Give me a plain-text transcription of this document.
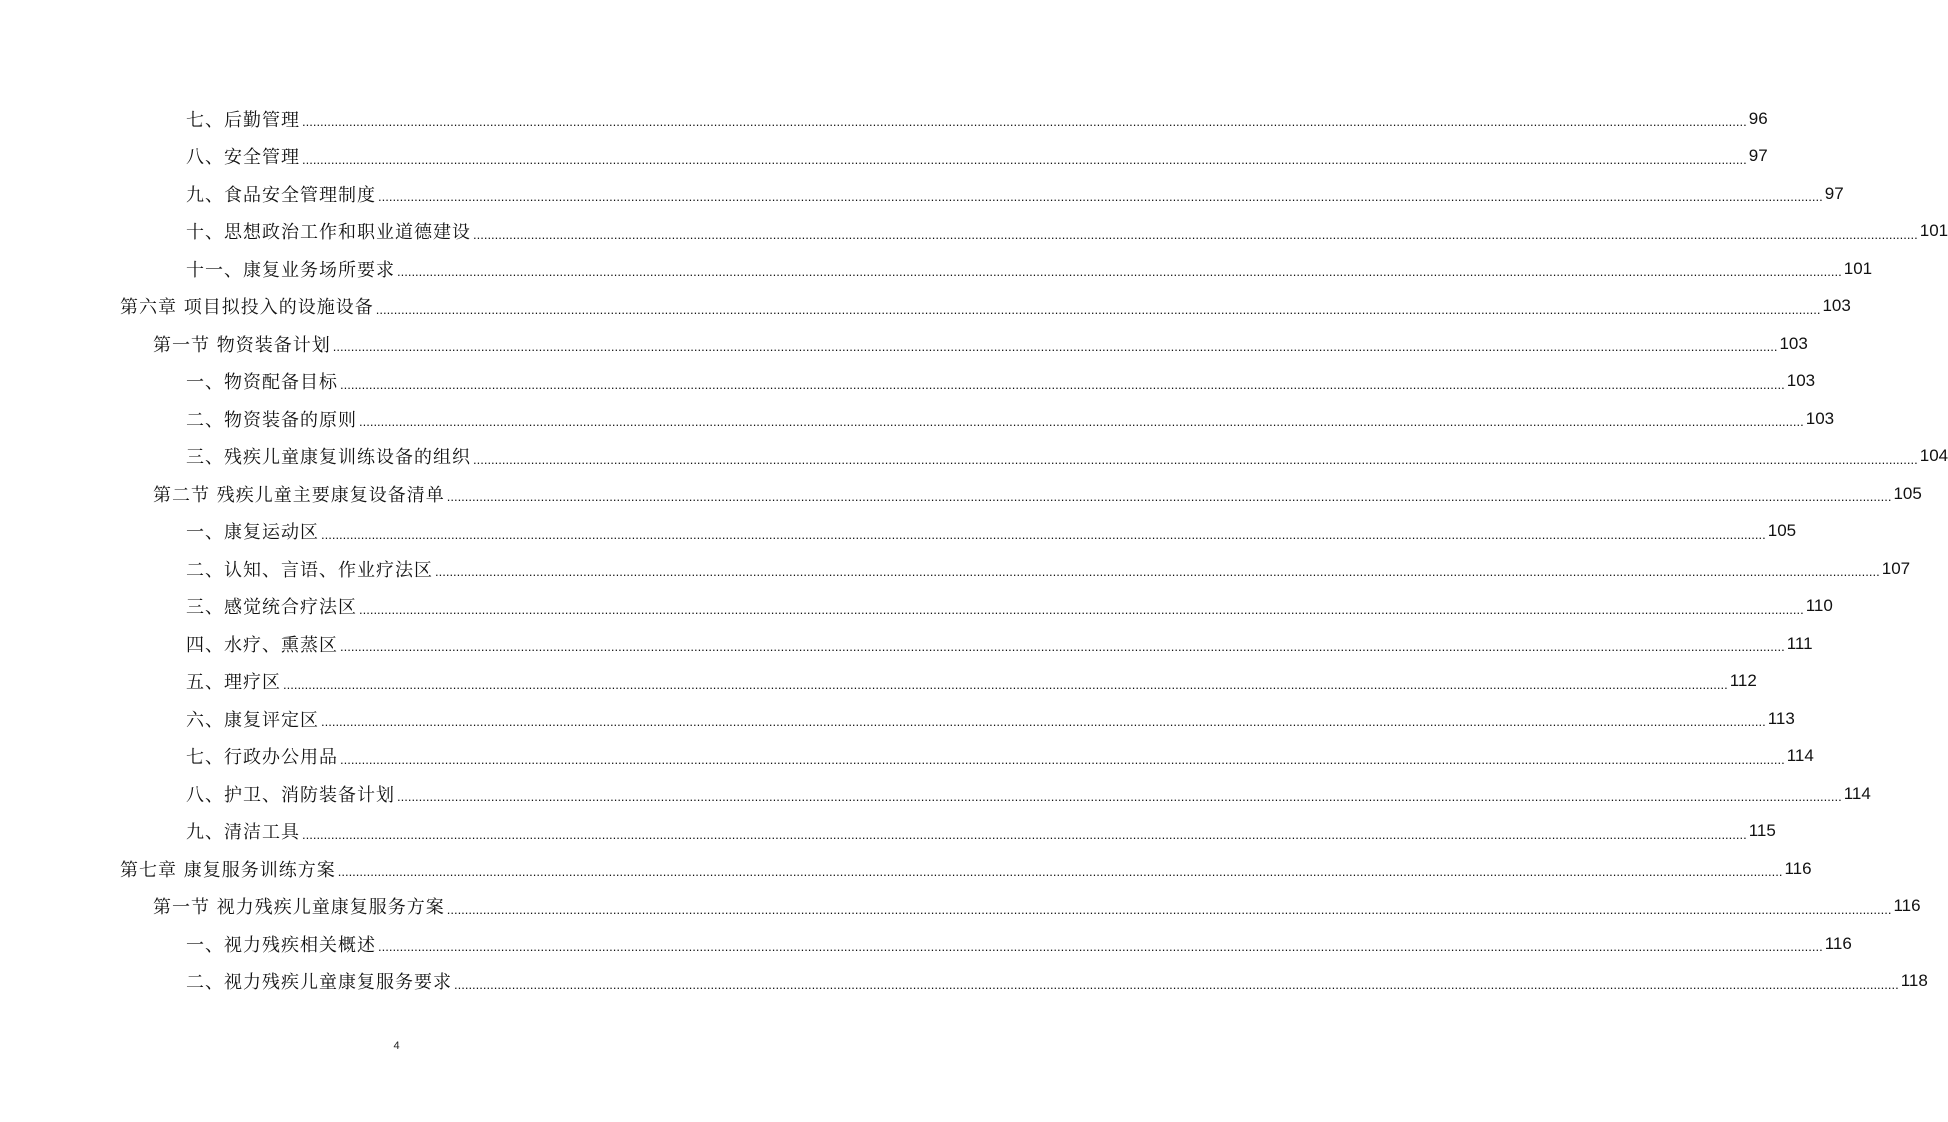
七、后勤管理 ................................................................................................................................................................................................................................................................................................................................................................................................................ 96
八、安全管理 ................................................................................................................................................................................................................................................................................................................................................................................................................ 97
九、食品安全管理制度 ................................................................................................................................................................................................................................................................................................................................................................................................................ 97
十、思想政治工作和职业道德建设 ................................................................................................................................................................................................................................................................................................................................................................................................................ 101
十一、康复业务场所要求 ................................................................................................................................................................................................................................................................................................................................................................................................................ 101
第六章 项目拟投入的设施设备 ................................................................................................................................................................................................................................................................................................................................................................................................................ 103
第一节 物资装备计划 ................................................................................................................................................................................................................................................................................................................................................................................................................ 103
一、物资配备目标 ................................................................................................................................................................................................................................................................................................................................................................................................................ 103
二、物资装备的原则 ................................................................................................................................................................................................................................................................................................................................................................................................................ 103
三、残疾儿童康复训练设备的组织 ................................................................................................................................................................................................................................................................................................................................................................................................................ 104
第二节 残疾儿童主要康复设备清单 ................................................................................................................................................................................................................................................................................................................................................................................................................ 105
一、康复运动区 ................................................................................................................................................................................................................................................................................................................................................................................................................ 105
二、认知、言语、作业疗法区 ................................................................................................................................................................................................................................................................................................................................................................................................................ 107
三、感觉统合疗法区 ................................................................................................................................................................................................................................................................................................................................................................................................................ 110
四、水疗、熏蒸区 ................................................................................................................................................................................................................................................................................................................................................................................................................ 111
五、理疗区 ................................................................................................................................................................................................................................................................................................................................................................................................................ 112
六、康复评定区 ................................................................................................................................................................................................................................................................................................................................................................................................................ 113
七、行政办公用品 ................................................................................................................................................................................................................................................................................................................................................................................................................ 114
八、护卫、消防装备计划 ................................................................................................................................................................................................................................................................................................................................................................................................................ 114
九、清洁工具 ................................................................................................................................................................................................................................................................................................................................................................................................................ 115
第七章 康复服务训练方案 ................................................................................................................................................................................................................................................................................................................................................................................................................ 116
第一节 视力残疾儿童康复服务方案 ................................................................................................................................................................................................................................................................................................................................................................................................................ 116
一、视力残疾相关概述 ................................................................................................................................................................................................................................................................................................................................................................................................................ 116
二、视力残疾儿童康复服务要求 ................................................................................................................................................................................................................................................................................................................................................................................................................ 118
4
